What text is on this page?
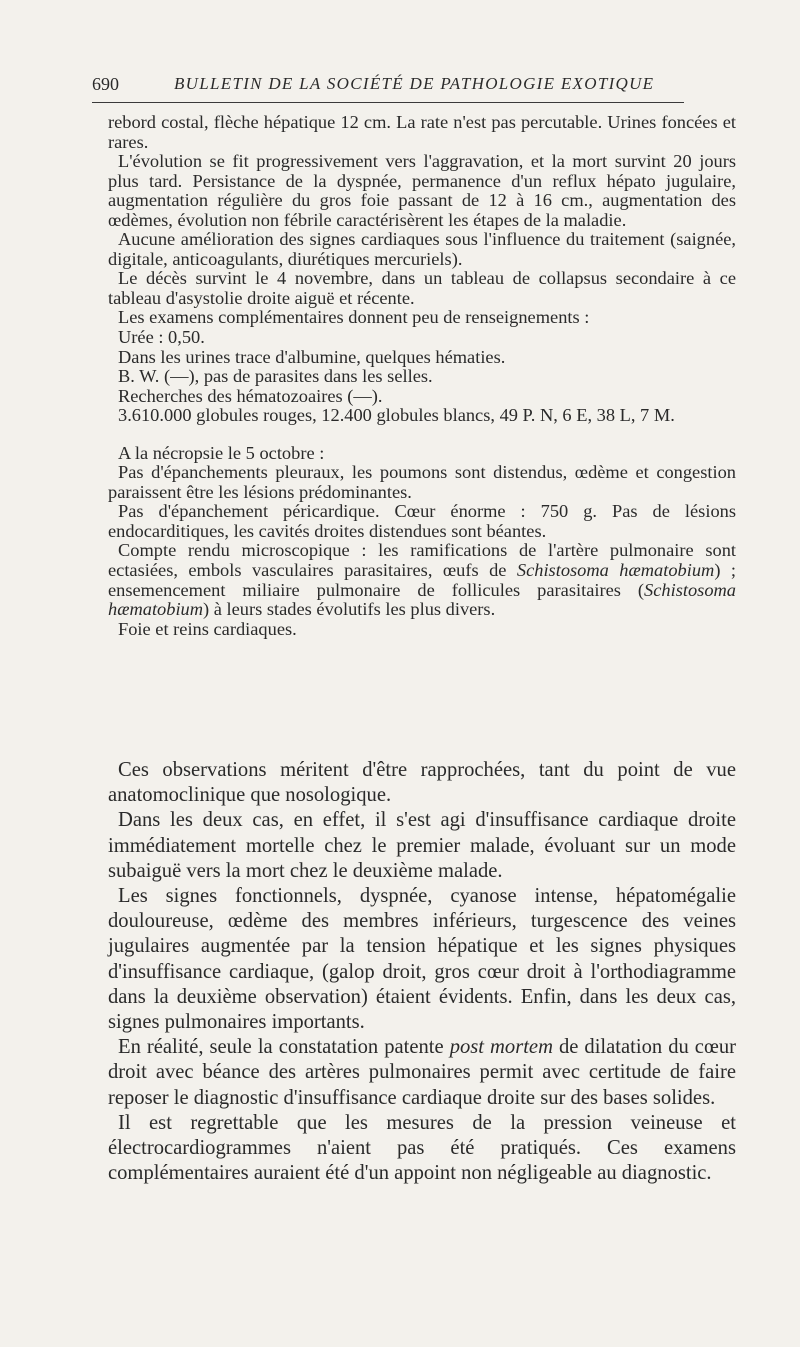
690	BULLETIN DE LA SOCIÉTÉ DE PATHOLOGIE EXOTIQUE

rebord costal, flèche hépatique 12 cm. La rate n'est pas percutable. Urines foncées et rares.

L'évolution se fit progressivement vers l'aggravation, et la mort survint 20 jours plus tard. Persistance de la dyspnée, permanence d'un reflux hépato jugulaire, augmentation régulière du gros foie passant de 12 à 16 cm., augmentation des œdèmes, évolution non fébrile caractérisèrent les étapes de la maladie.

Aucune amélioration des signes cardiaques sous l'influence du traitement (saignée, digitale, anticoagulants, diurétiques mercuriels).

Le décès survint le 4 novembre, dans un tableau de collapsus secondaire à ce tableau d'asystolie droite aiguë et récente.

Les examens complémentaires donnent peu de renseignements :

Urée : 0,50.

Dans les urines trace d'albumine, quelques hématies.

B. W. (—), pas de parasites dans les selles.

Recherches des hématozoaires (—).

3.610.000 globules rouges, 12.400 globules blancs, 49 P. N, 6 E, 38 L, 7 M.

A la nécropsie le 5 octobre :

Pas d'épanchements pleuraux, les poumons sont distendus, œdème et congestion paraissent être les lésions prédominantes.

Pas d'épanchement péricardique. Cœur énorme : 750 g. Pas de lésions endocarditiques, les cavités droites distendues sont béantes.

Compte rendu microscopique : les ramifications de l'artère pulmonaire sont ectasiées, embols vasculaires parasitaires, œufs de Schistosoma hæmatobium) ; ensemencement miliaire pulmonaire de follicules parasitaires (Schistosoma hæmatobium) à leurs stades évolutifs les plus divers.

Foie et reins cardiaques.

Ces observations méritent d'être rapprochées, tant du point de vue anatomoclinique que nosologique.

Dans les deux cas, en effet, il s'est agi d'insuffisance cardiaque droite immédiatement mortelle chez le premier malade, évoluant sur un mode subaiguë vers la mort chez le deuxième malade.

Les signes fonctionnels, dyspnée, cyanose intense, hépatomégalie douloureuse, œdème des membres inférieurs, turgescence des veines jugulaires augmentée par la tension hépatique et les signes physiques d'insuffisance cardiaque, (galop droit, gros cœur droit à l'orthodiagramme dans la deuxième observation) étaient évidents. Enfin, dans les deux cas, signes pulmonaires importants.

En réalité, seule la constatation patente post mortem de dilatation du cœur droit avec béance des artères pulmonaires permit avec certitude de faire reposer le diagnostic d'insuffisance cardiaque droite sur des bases solides.

Il est regrettable que les mesures de la pression veineuse et électrocardiogrammes n'aient pas été pratiqués. Ces examens complémentaires auraient été d'un appoint non négligeable au diagnostic.
